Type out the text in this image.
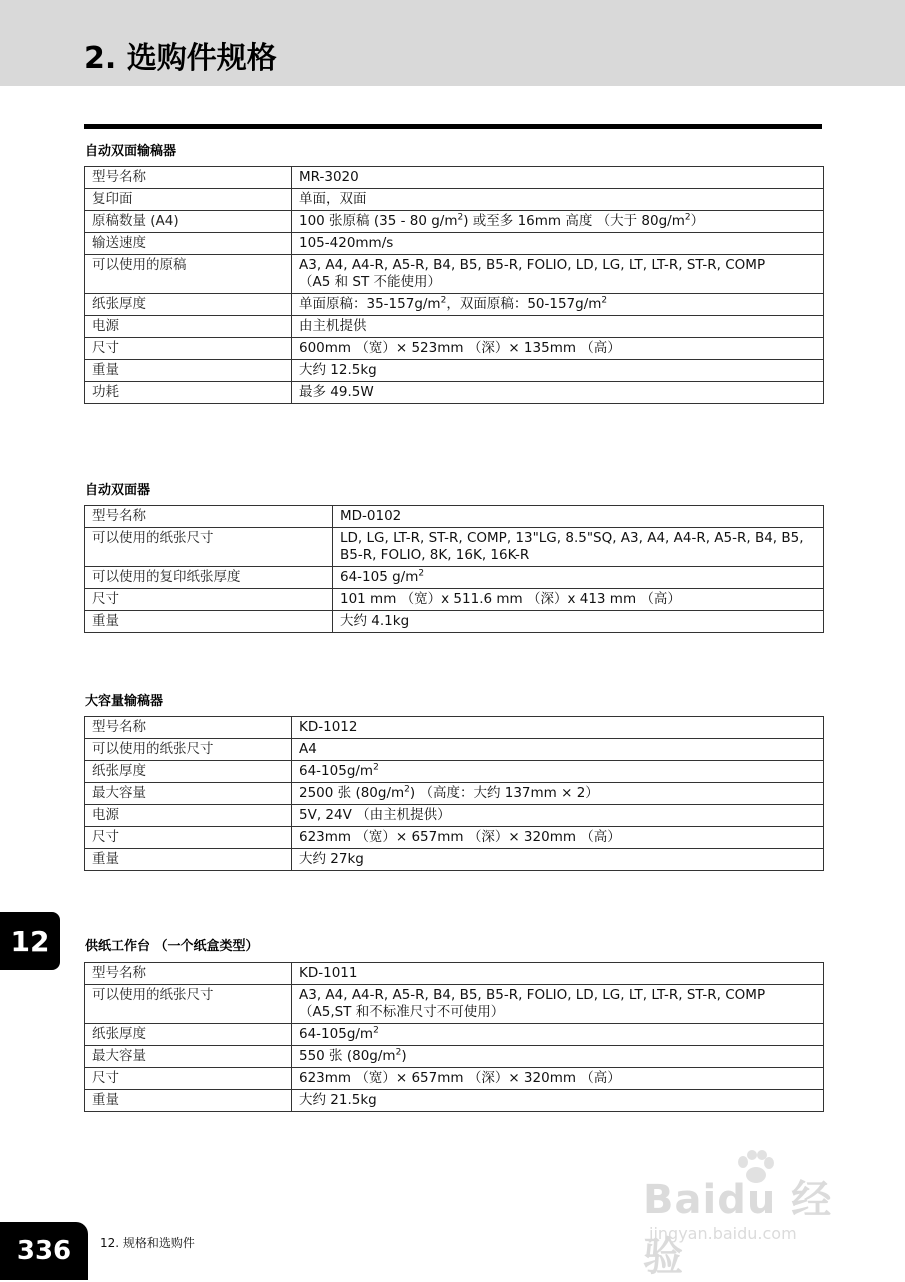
2. 选购件规格
自动双面输稿器
型号名称	MR-3020
复印面	单面，双面
原稿数量 (A4)	100 张原稿 (35 - 80 $g/m^2$) 或至多 16mm 高度 （大于 $80g/m^2$）
输送速度	105-420mm/s
可以使用的原稿	A3, A4, A4-R, A5-R, B4, B5, B5-R, FOLIO, LD, LG, LT, LT-R, ST-R, COMP
（A5 和 ST 不能使用）
纸张厚度	单面原稿：$35-157g/m^2$，双面原稿：$50-157g/m^2$
电源	由主机提供
尺寸	600mm （宽）× 523mm （深）× 135mm （高）
重量	大约 12.5kg
功耗	最多 49.5W
自动双面器
型号名称	MD-0102
可以使用的纸张尺寸	LD, LG, LT-R, ST-R, COMP, 13"LG, 8.5"SQ, A3, A4, A4-R, A5-R, B4, B5, B5-R, FOLIO, 8K, 16K, 16K-R
可以使用的复印纸张厚度	64-105 $g/m^2$
尺寸	101 mm （宽）x 511.6 mm （深）x 413 mm （高）
重量	大约 4.1kg
大容量输稿器
型号名称	KD-1012
可以使用的纸张尺寸	A4
纸张厚度	$64-105g/m^2$
最大容量	2500 张 $(80g/m^2)$ （高度：大约 137mm × 2）
电源	5V, 24V （由主机提供）
尺寸	623mm （宽）× 657mm （深）× 320mm （高）
重量	大约 27kg
供纸工作台 （一个纸盒类型）
型号名称	KD-1011
可以使用的纸张尺寸	A3, A4, A4-R, A5-R, B4, B5, B5-R, FOLIO, LD, LG, LT, LT-R, ST-R, COMP
（A5,ST 和不标准尺寸不可使用）
纸张厚度	$64-105g/m^2$
最大容量	550 张 $(80g/m^2)$
尺寸	623mm （宽）× 657mm （深）× 320mm （高）
重量	大约 21.5kg
12
336	12. 规格和选购件
Baidu 经验
jingyan.baidu.com
